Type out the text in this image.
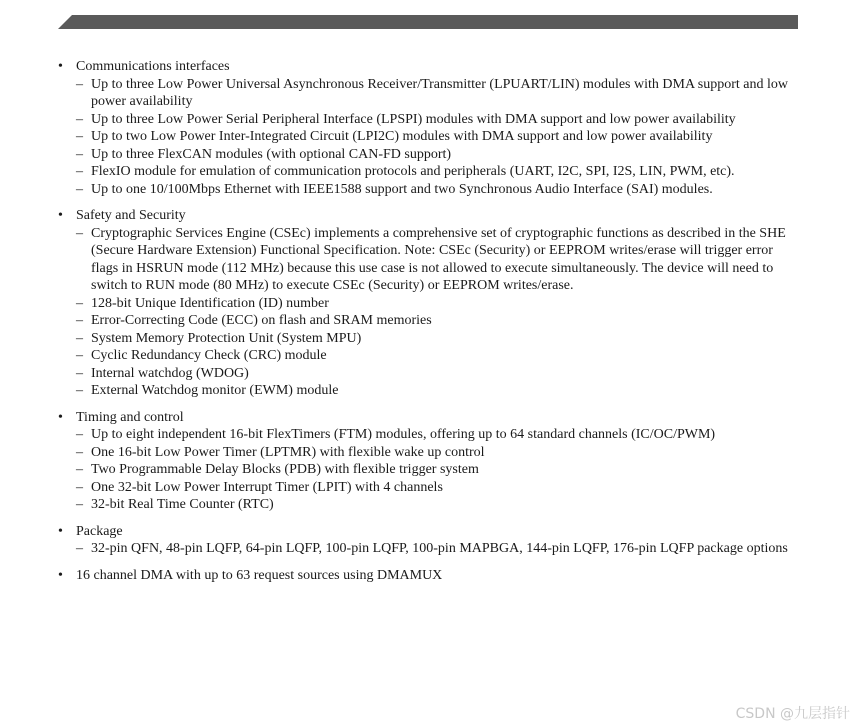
• Communications interfaces
– Up to three Low Power Universal Asynchronous Receiver/Transmitter (LPUART/LIN) modules with DMA support and low power availability
– Up to three Low Power Serial Peripheral Interface (LPSPI) modules with DMA support and low power availability
– Up to two Low Power Inter-Integrated Circuit (LPI2C) modules with DMA support and low power availability
– Up to three FlexCAN modules (with optional CAN-FD support)
– FlexIO module for emulation of communication protocols and peripherals (UART, I2C, SPI, I2S, LIN, PWM, etc).
– Up to one 10/100Mbps Ethernet with IEEE1588 support and two Synchronous Audio Interface (SAI) modules.
• Safety and Security
– Cryptographic Services Engine (CSEc) implements a comprehensive set of cryptographic functions as described in the SHE (Secure Hardware Extension) Functional Specification. Note: CSEc (Security) or EEPROM writes/erase will trigger error flags in HSRUN mode (112 MHz) because this use case is not allowed to execute simultaneously. The device will need to switch to RUN mode (80 MHz) to execute CSEc (Security) or EEPROM writes/erase.
– 128-bit Unique Identification (ID) number
– Error-Correcting Code (ECC) on flash and SRAM memories
– System Memory Protection Unit (System MPU)
– Cyclic Redundancy Check (CRC) module
– Internal watchdog (WDOG)
– External Watchdog monitor (EWM) module
• Timing and control
– Up to eight independent 16-bit FlexTimers (FTM) modules, offering up to 64 standard channels (IC/OC/PWM)
– One 16-bit Low Power Timer (LPTMR) with flexible wake up control
– Two Programmable Delay Blocks (PDB) with flexible trigger system
– One 32-bit Low Power Interrupt Timer (LPIT) with 4 channels
– 32-bit Real Time Counter (RTC)
• Package
– 32-pin QFN, 48-pin LQFP, 64-pin LQFP, 100-pin LQFP, 100-pin MAPBGA, 144-pin LQFP, 176-pin LQFP package options
• 16 channel DMA with up to 63 request sources using DMAMUX
CSDN @九层指针
